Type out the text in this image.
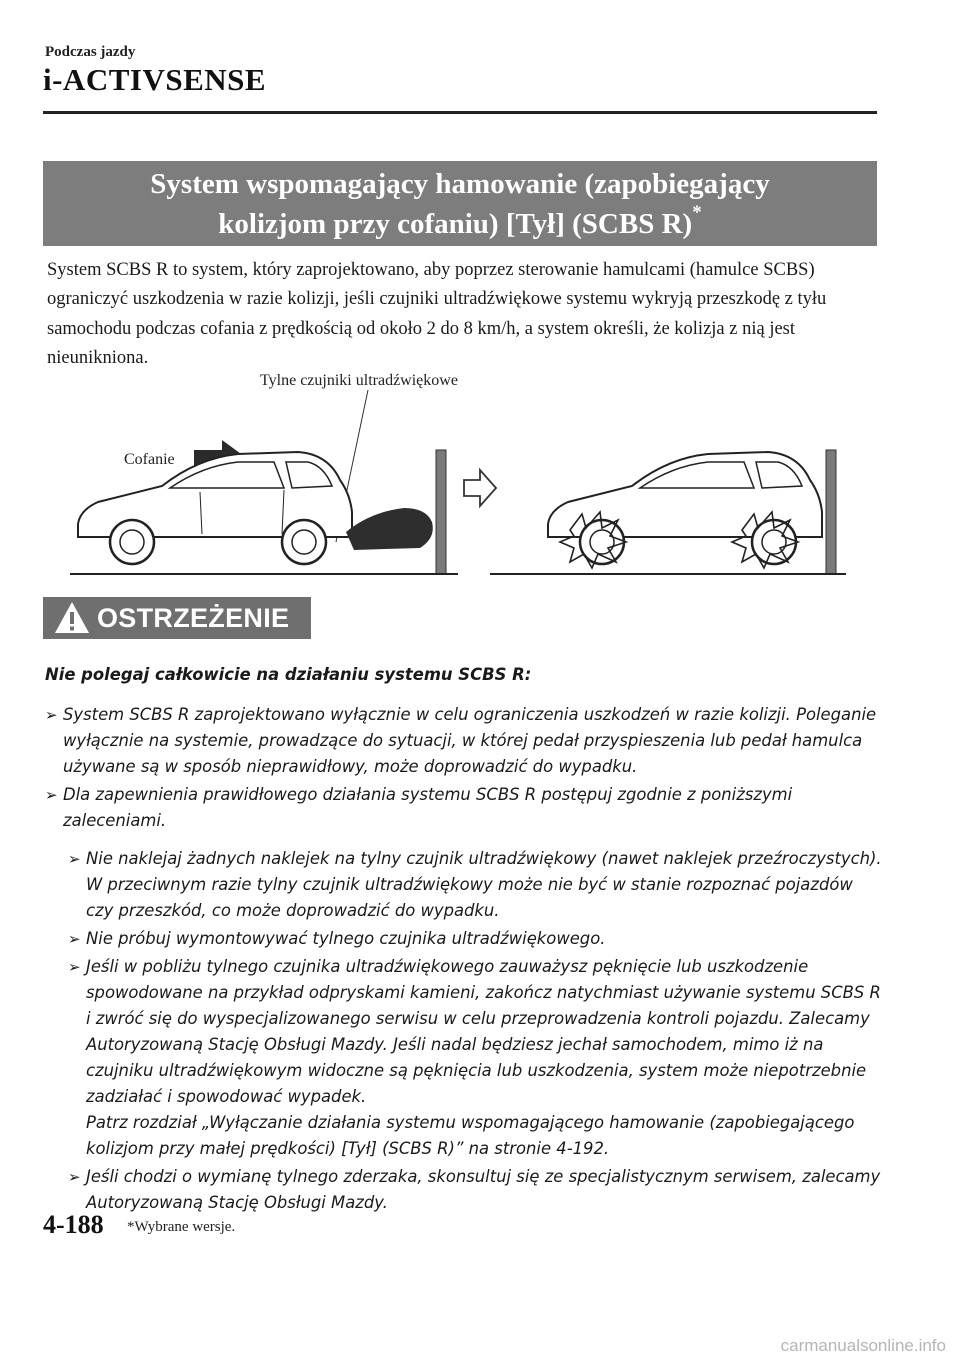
Podczas jazdy
i-ACTIVSENSE
System wspomagający hamowanie (zapobiegający
kolizjom przy cofaniu) [Tył] (SCBS R)*
System SCBS R to system, który zaprojektowano, aby poprzez sterowanie hamulcami (hamulce SCBS) ograniczyć uszkodzenia w razie kolizji, jeśli czujniki ultradźwiękowe systemu wykryją przeszkodę z tyłu samochodu podczas cofania z prędkością od około 2 do 8 km/h, a system określi, że kolizja z nią jest nieunikniona.
Tylne czujniki ultradźwiękowe
Cofanie
OSTRZEŻENIE
Nie polegaj całkowicie na działaniu systemu SCBS R:
➢ System SCBS R zaprojektowano wyłącznie w celu ograniczenia uszkodzeń w razie kolizji. Poleganie wyłącznie na systemie, prowadzące do sytuacji, w której pedał przyspieszenia lub pedał hamulca używane są w sposób nieprawidłowy, może doprowadzić do wypadku.
➢ Dla zapewnienia prawidłowego działania systemu SCBS R postępuj zgodnie z poniższymi zaleceniami.
➢ Nie naklejaj żadnych naklejek na tylny czujnik ultradźwiękowy (nawet naklejek przeźroczystych). W przeciwnym razie tylny czujnik ultradźwiękowy może nie być w stanie rozpoznać pojazdów czy przeszkód, co może doprowadzić do wypadku.
➢ Nie próbuj wymontowywać tylnego czujnika ultradźwiękowego.
➢ Jeśli w pobliżu tylnego czujnika ultradźwiękowego zauważysz pęknięcie lub uszkodzenie spowodowane na przykład odpryskami kamieni, zakończ natychmiast używanie systemu SCBS R i zwróć się do wyspecjalizowanego serwisu w celu przeprowadzenia kontroli pojazdu. Zalecamy Autoryzowaną Stację Obsługi Mazdy. Jeśli nadal będziesz jechał samochodem, mimo iż na czujniku ultradźwiękowym widoczne są pęknięcia lub uszkodzenia, system może niepotrzebnie zadziałać i spowodować wypadek.
Patrz rozdział „Wyłączanie działania systemu wspomagającego hamowanie (zapobiegającego kolizjom przy małej prędkości) [Tył] (SCBS R)” na stronie 4-192.
➢ Jeśli chodzi o wymianę tylnego zderzaka, skonsultuj się ze specjalistycznym serwisem, zalecamy Autoryzowaną Stację Obsługi Mazdy.
4-188 *Wybrane wersje.
carmanualsonline.info
